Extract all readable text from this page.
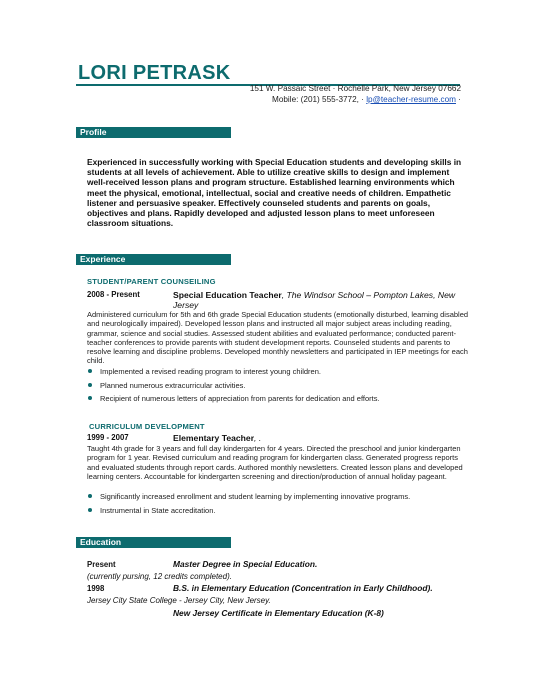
LORI PETRASK
151 W. Passaic Street · Rochelle Park, New Jersey 07662
Mobile: (201) 555-3772, · lp@teacher-resume.com ·
Profile
Experienced in successfully working with Special Education students and developing skills in students at all levels of achievement. Able to utilize creative skills to design and implement well-received lesson plans and program structure. Established learning environments which meet the physical, emotional, intellectual, social and creative needs of children. Empathetic listener and persuasive speaker. Effectively counseled students and parents on goals, objectives and plans. Rapidly developed and adjusted lesson plans to meet unforeseen classroom situations.
Experience
STUDENT/PARENT COUNSEILING
2008 - Present	Special Education Teacher, The Windsor School – Pompton Lakes, New Jersey
Administered curriculum for 5th and 6th grade Special Education students (emotionally disturbed, learning disabled and neurologically impaired). Developed lesson plans and instructed all major subject areas including reading, grammar, science and social studies. Assessed student abilities and evaluated performance; conducted parent-teacher conferences to provide parents with student development reports. Counseled students and parents to resolve learning and discipline problems. Developed monthly newsletters and participated in IEP meetings for each child.
Implemented a revised reading program to interest young children.
Planned numerous extracurricular activities.
Recipient of numerous letters of appreciation from parents for dedication and efforts.
CURRICULUM DEVELOPMENT
1999 - 2007	Elementary Teacher, .
Taught 4th grade for 3 years and full day kindergarten for 4 years. Directed the preschool and junior kindergarten program for 1 year. Revised curriculum and reading program for kindergarten class. Generated progress reports and evaluated students through report cards. Authored monthly newsletters. Created lesson plans and developed learning centers. Accountable for kindergarten screening and direction/production of annual holiday pageant.
Significantly increased enrollment and student learning by implementing innovative programs.
Instrumental in State accreditation.
Education
Present	Master Degree in Special Education.
(currently pursing, 12 credits completed).
1998	B.S. in Elementary Education (Concentration in Early Childhood).
Jersey City State College - Jersey City, New Jersey.
New Jersey Certificate in Elementary Education (K-8)
